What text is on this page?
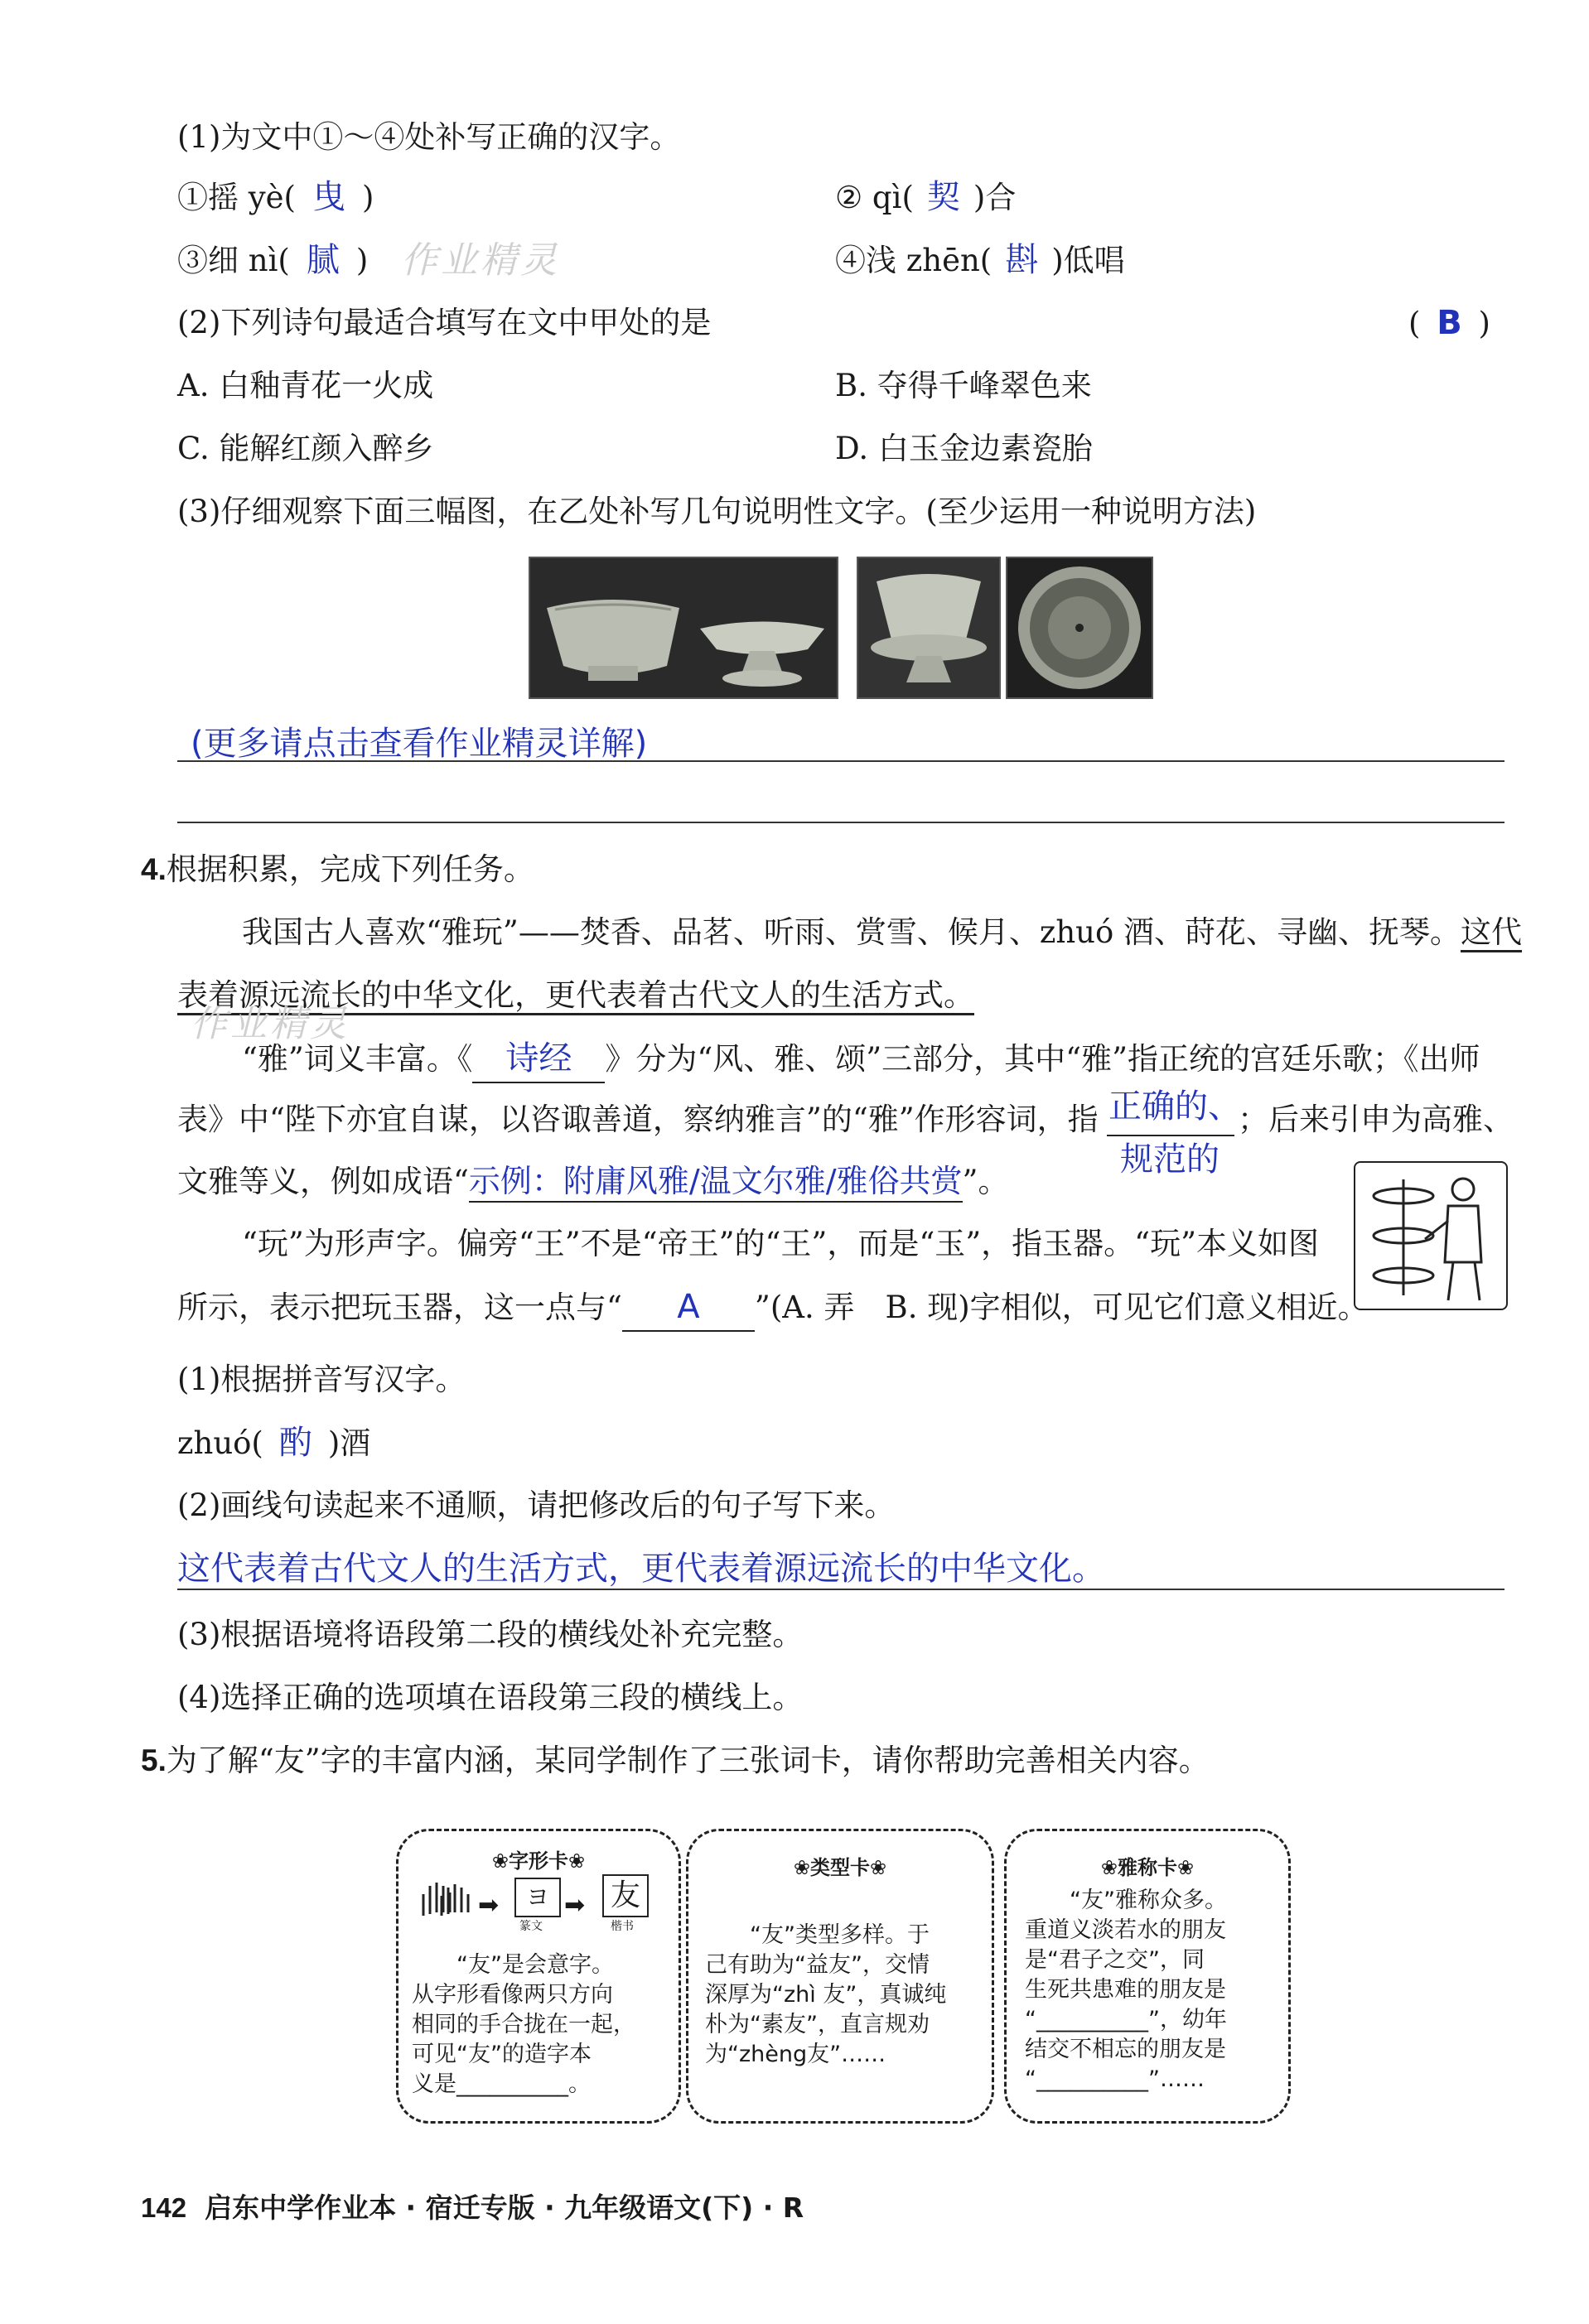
(1)为文中①～④处补写正确的汉字。
①摇 yè( 曳 )	② qì( 契 )合
③细 nì( 腻 ) 作业精灵	④浅 zhēn( 斟 )低唱
(2)下列诗句最适合填写在文中甲处的是	( B )
A. 白釉青花一火成	B. 夺得千峰翠色来
C. 能解红颜入醉乡	D. 白玉金边素瓷胎
(3)仔细观察下面三幅图，在乙处补写几句说明性文字。(至少运用一种说明方法)
(更多请点击查看作业精灵详解)
4.根据积累，完成下列任务。
我国古人喜欢“雅玩”——焚香、品茗、听雨、赏雪、候月、zhuó 酒、莳花、寻幽、抚琴。这代
表着源远流长的中华文化，更代表着古代文人的生活方式。
作业精灵
“雅”词义丰富。《 诗经 》分为“风、雅、颂”三部分，其中“雅”指正统的宫廷乐歌；《出师
表》中“陛下亦宜自谋，以咨诹善道，察纳雅言”的“雅”作形容词，指 正确的、
规范的
；后来引申为高雅、
文雅等义，例如成语“示例：附庸风雅/温文尔雅/雅俗共赏”。
“玩”为形声字。偏旁“王”不是“帝王”的“王”，而是“玉”，指玉器。“玩”本义如图
所示，表示把玩玉器，这一点与“ A ”(A. 弄　B. 现)字相似，可见它们意义相近。
(1)根据拼音写汉字。
zhuó( 酌 )酒
(2)画线句读起来不通顺，请把修改后的句子写下来。
这代表着古代文人的生活方式，更代表着源远流长的中华文化。
(3)根据语境将语段第二段的横线处补充完整。
(4)选择正确的选项填在语段第三段的横线上。
5.为了解“友”字的丰富内涵，某同学制作了三张词卡，请你帮助完善相关内容。
❀字形卡❀
➡	ヨ
篆文
➡ 友
楷书
　　“友”是会意字。
从字形看像两只方向
相同的手合拢在一起，
可见“友”的造字本
义是__________。
❀类型卡❀
　　“友”类型多样。于
己有助为“益友”，交情
深厚为“zhì 友”，真诚纯
朴为“素友”，直言规劝
为“zhèng友”……
❀雅称卡❀
　　“友”雅称众多。
重道义淡若水的朋友
是“君子之交”，同
生死共患难的朋友是
“__________”，幼年
结交不相忘的朋友是
“__________”……
142 启东中学作业本 · 宿迁专版 · 九年级语文(下) · R
